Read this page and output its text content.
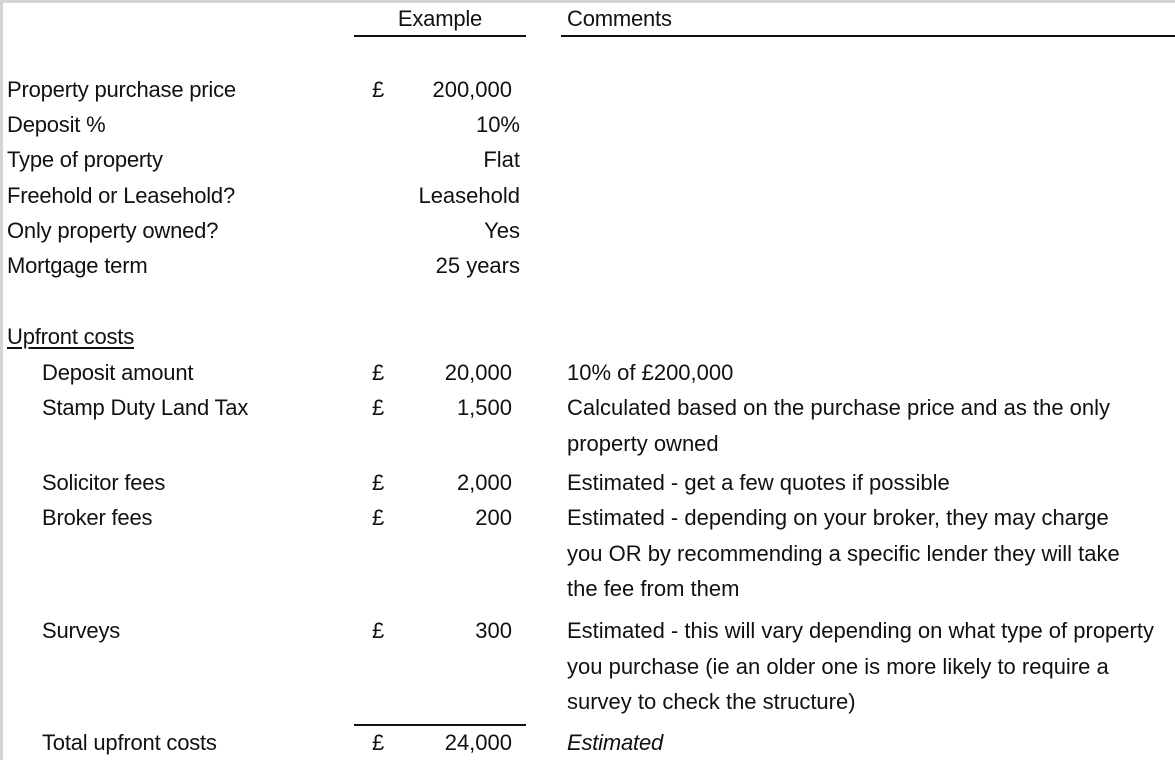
Example	Comments
Property purchase price	£ 200,000
Deposit %	10%
Type of property	Flat
Freehold or Leasehold?	Leasehold
Only property owned?	Yes
Mortgage term	25 years
Upfront costs
Deposit amount	£	20,000	10% of £200,000
Stamp Duty Land Tax	£	1,500	Calculated based on the purchase price and as the only property owned
Solicitor fees	£	2,000	Estimated - get a few quotes if possible
Broker fees	£	200	Estimated - depending on your broker, they may charge you OR by recommending a specific lender they will take the fee from them
Surveys	£	300	Estimated - this will vary depending on what type of property you purchase (ie an older one is more likely to require a survey to check the structure)
Total upfront costs	£	24,000	Estimated
